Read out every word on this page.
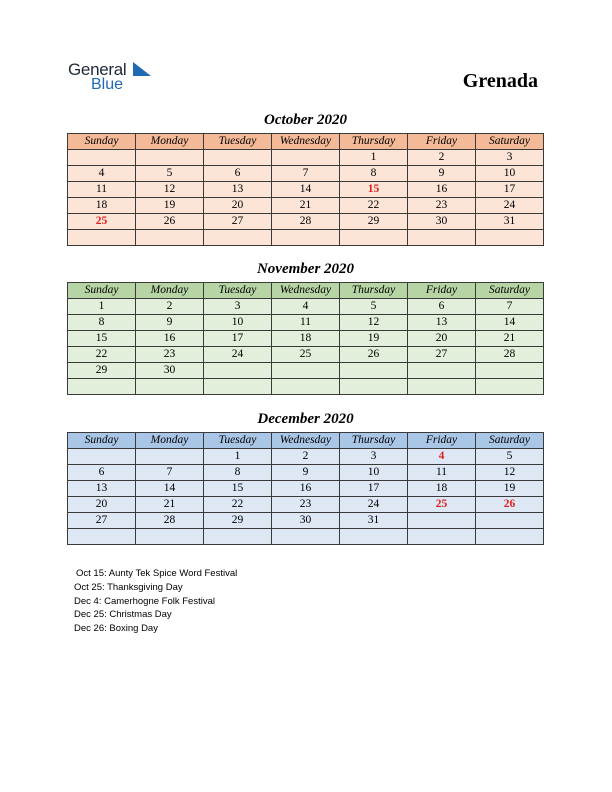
General
Blue	Grenada
October 2020
Sunday	Monday	Tuesday	Wednesday	Thursday	Friday	Saturday
				1	2	3
4	5	6	7	8	9	10
11	12	13	14	15	16	17
18	19	20	21	22	23	24
25	26	27	28	29	30	31

November 2020
Sunday	Monday	Tuesday	Wednesday	Thursday	Friday	Saturday
1	2	3	4	5	6	7
8	9	10	11	12	13	14
15	16	17	18	19	20	21
22	23	24	25	26	27	28
29	30					

December 2020
Sunday	Monday	Tuesday	Wednesday	Thursday	Friday	Saturday
		1	2	3	4	5
6	7	8	9	10	11	12
13	14	15	16	17	18	19
20	21	22	23	24	25	26
27	28	29	30	31		

Oct 15: Aunty Tek Spice Word Festival
Oct 25: Thanksgiving Day
Dec 4: Camerhogne Folk Festival
Dec 25: Christmas Day
Dec 26: Boxing Day
